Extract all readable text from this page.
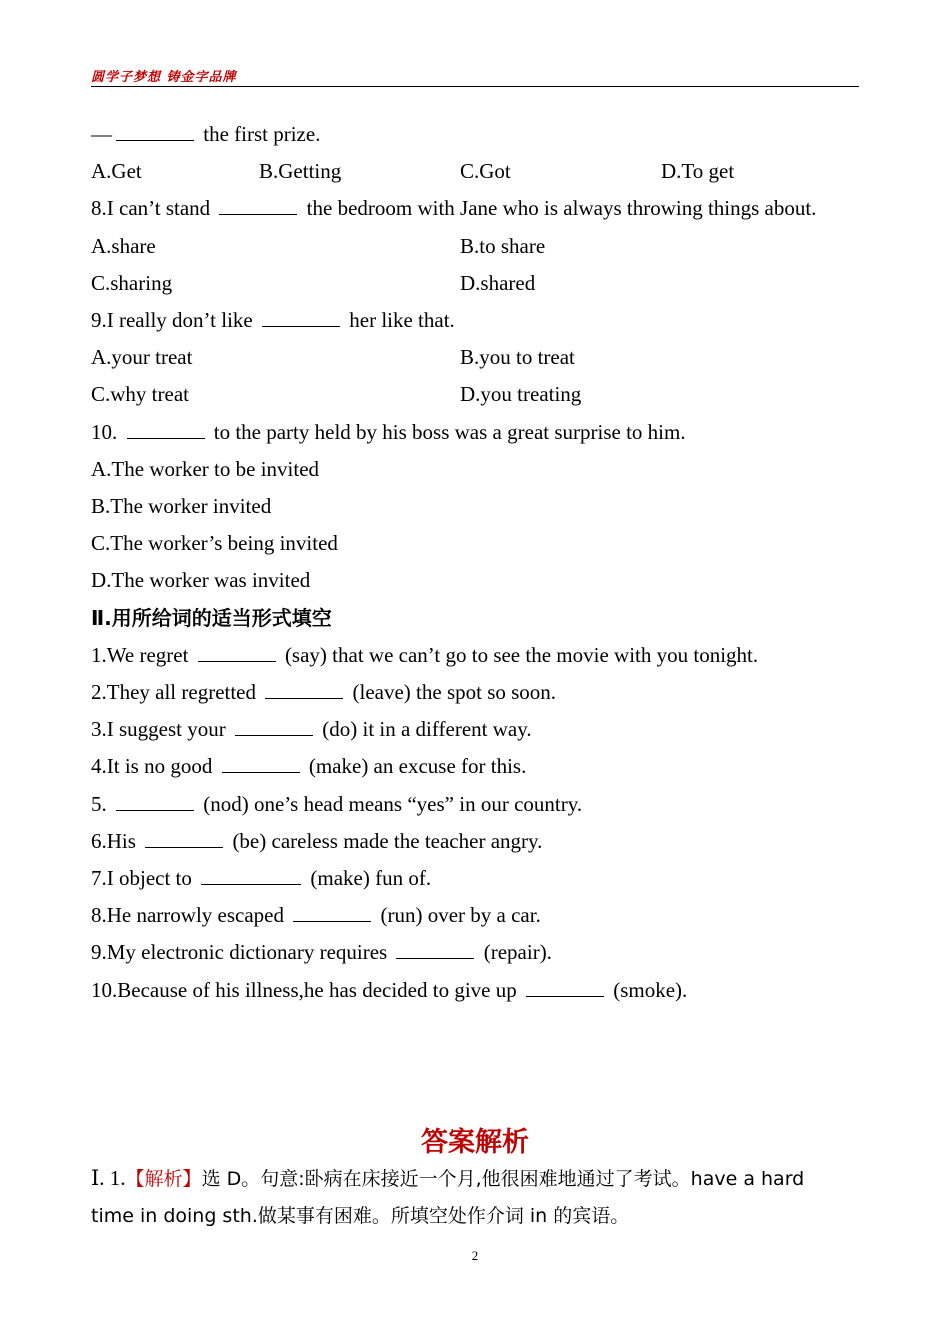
圆学子梦想 铸金字品牌
—	the first prize.
A.Get	B.Getting	C.Got	D.To get
8.I can’t stand	the bedroom with Jane who is always throwing things about.
A.share	B.to share
C.sharing	D.shared
9.I really don’t like	her like that.
A.your treat	B.you to treat
C.why treat	D.you treating
10.	to the party held by his boss was a great surprise to him.
A.The worker to be invited
B.The worker invited
C.The worker’s being invited
D.The worker was invited
Ⅱ.用所给词的适当形式填空
1.We regret	(say) that we can’t go to see the movie with you tonight.
2.They all regretted	(leave) the spot so soon.
3.I suggest your	(do) it in a different way.
4.It is no good	(make) an excuse for this.
5.	(nod) one’s head means “yes” in our country.
6.His	(be) careless made the teacher angry.
7.I object to	(make) fun of.
8.He narrowly escaped	(run) over by a car.
9.My electronic dictionary requires	(repair).
10.Because of his illness,he has decided to give up	(smoke).
答案解析
Ⅰ. 1.【解析】选 D。句意:卧病在床接近一个月,他很困难地通过了考试。have a hard
time in doing sth.做某事有困难。所填空处作介词 in 的宾语。
2
